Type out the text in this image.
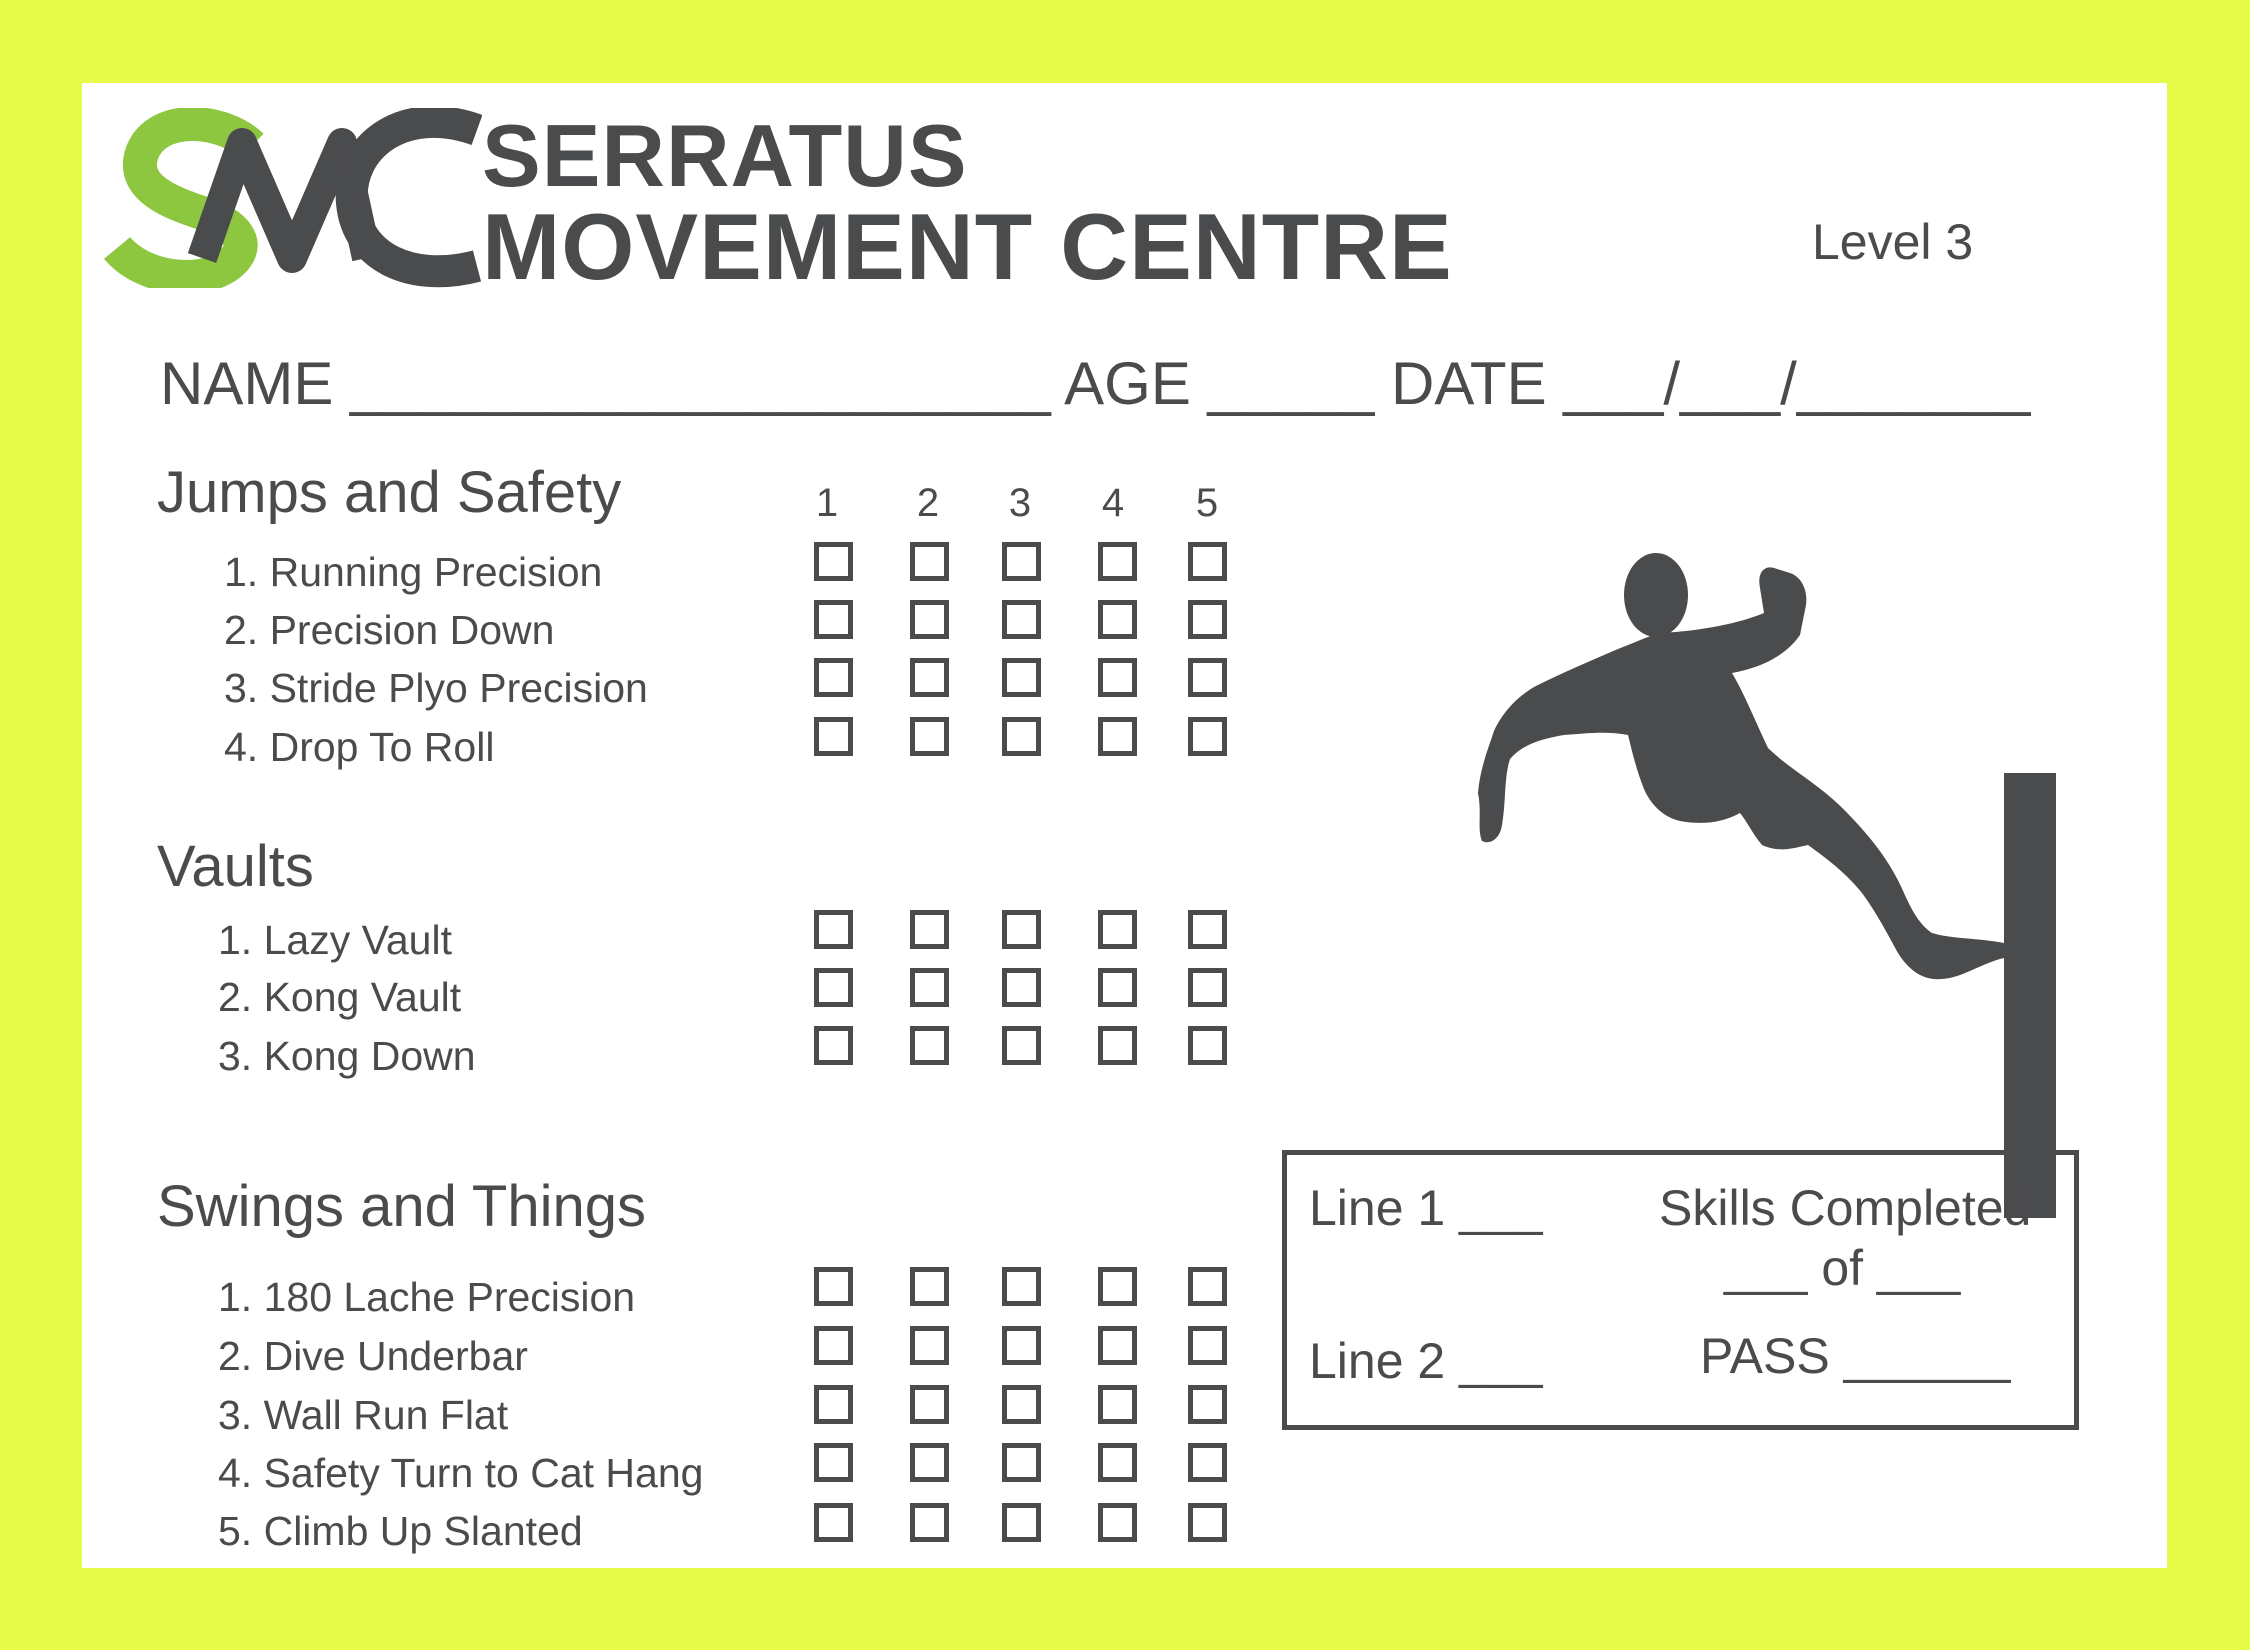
SERRATUS
MOVEMENT CENTRE	Level 3
NAME _____________________ AGE _____ DATE ___/___/_______
1 2 3 4 5
Jumps and Safety
Vaults
Swings and Things
1. Running Precision
2. Precision Down
3. Stride Plyo Precision
4. Drop To Roll
1. Lazy Vault
2. Kong Vault
3. Kong Down
1. 180 Lache Precision
2. Dive Underbar
3. Wall Run Flat
4. Safety Turn to Cat Hang
5. Climb Up Slanted
Line 1 ___
Line 2 ___
Skills Completed
___ of ___
PASS ______
